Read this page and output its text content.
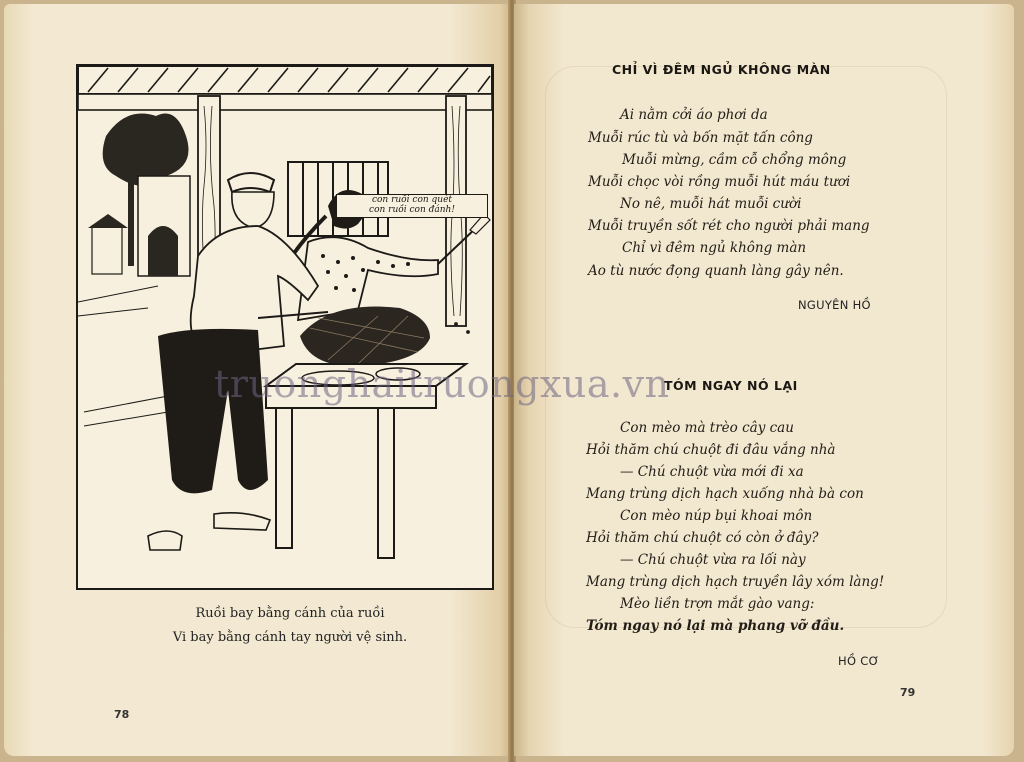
con ruồi con quét
con ruồi con đánh!
Ruồi bay bằng cánh của ruồi
Vi bay bằng cánh tay người vệ sinh.
78
CHỈ VÌ ĐÊM NGỦ KHÔNG MÀN
Ai nằm cởi áo phơi da
Muỗi rúc tù và bốn mặt tấn công
Muỗi mừng, cầm cỗ chổng mông
Muỗi chọc vòi rồng muỗi hút máu tươi
No nê, muỗi hát muỗi cười
Muỗi truyền sốt rét cho người phải mang
Chỉ vì đêm ngủ không màn
Ao tù nước đọng quanh làng gây nên.
NGUYÊN HỒ
TÓM NGAY NÓ LẠI
Con mèo mà trèo cây cau
Hỏi thăm chú chuột đi đâu vắng nhà
— Chú chuột vừa mới đi xa
Mang trùng dịch hạch xuống nhà bà con
Con mèo núp bụi khoai môn
Hỏi thăm chú chuột có còn ở đây?
— Chú chuột vừa ra lối này
Mang trùng dịch hạch truyền lây xóm làng!
Mèo liền trợn mắt gào vang:
Tóm ngay nó lại mà phang vỡ đầu.
HỒ CƠ
79
truonghaitruongxua.vn
